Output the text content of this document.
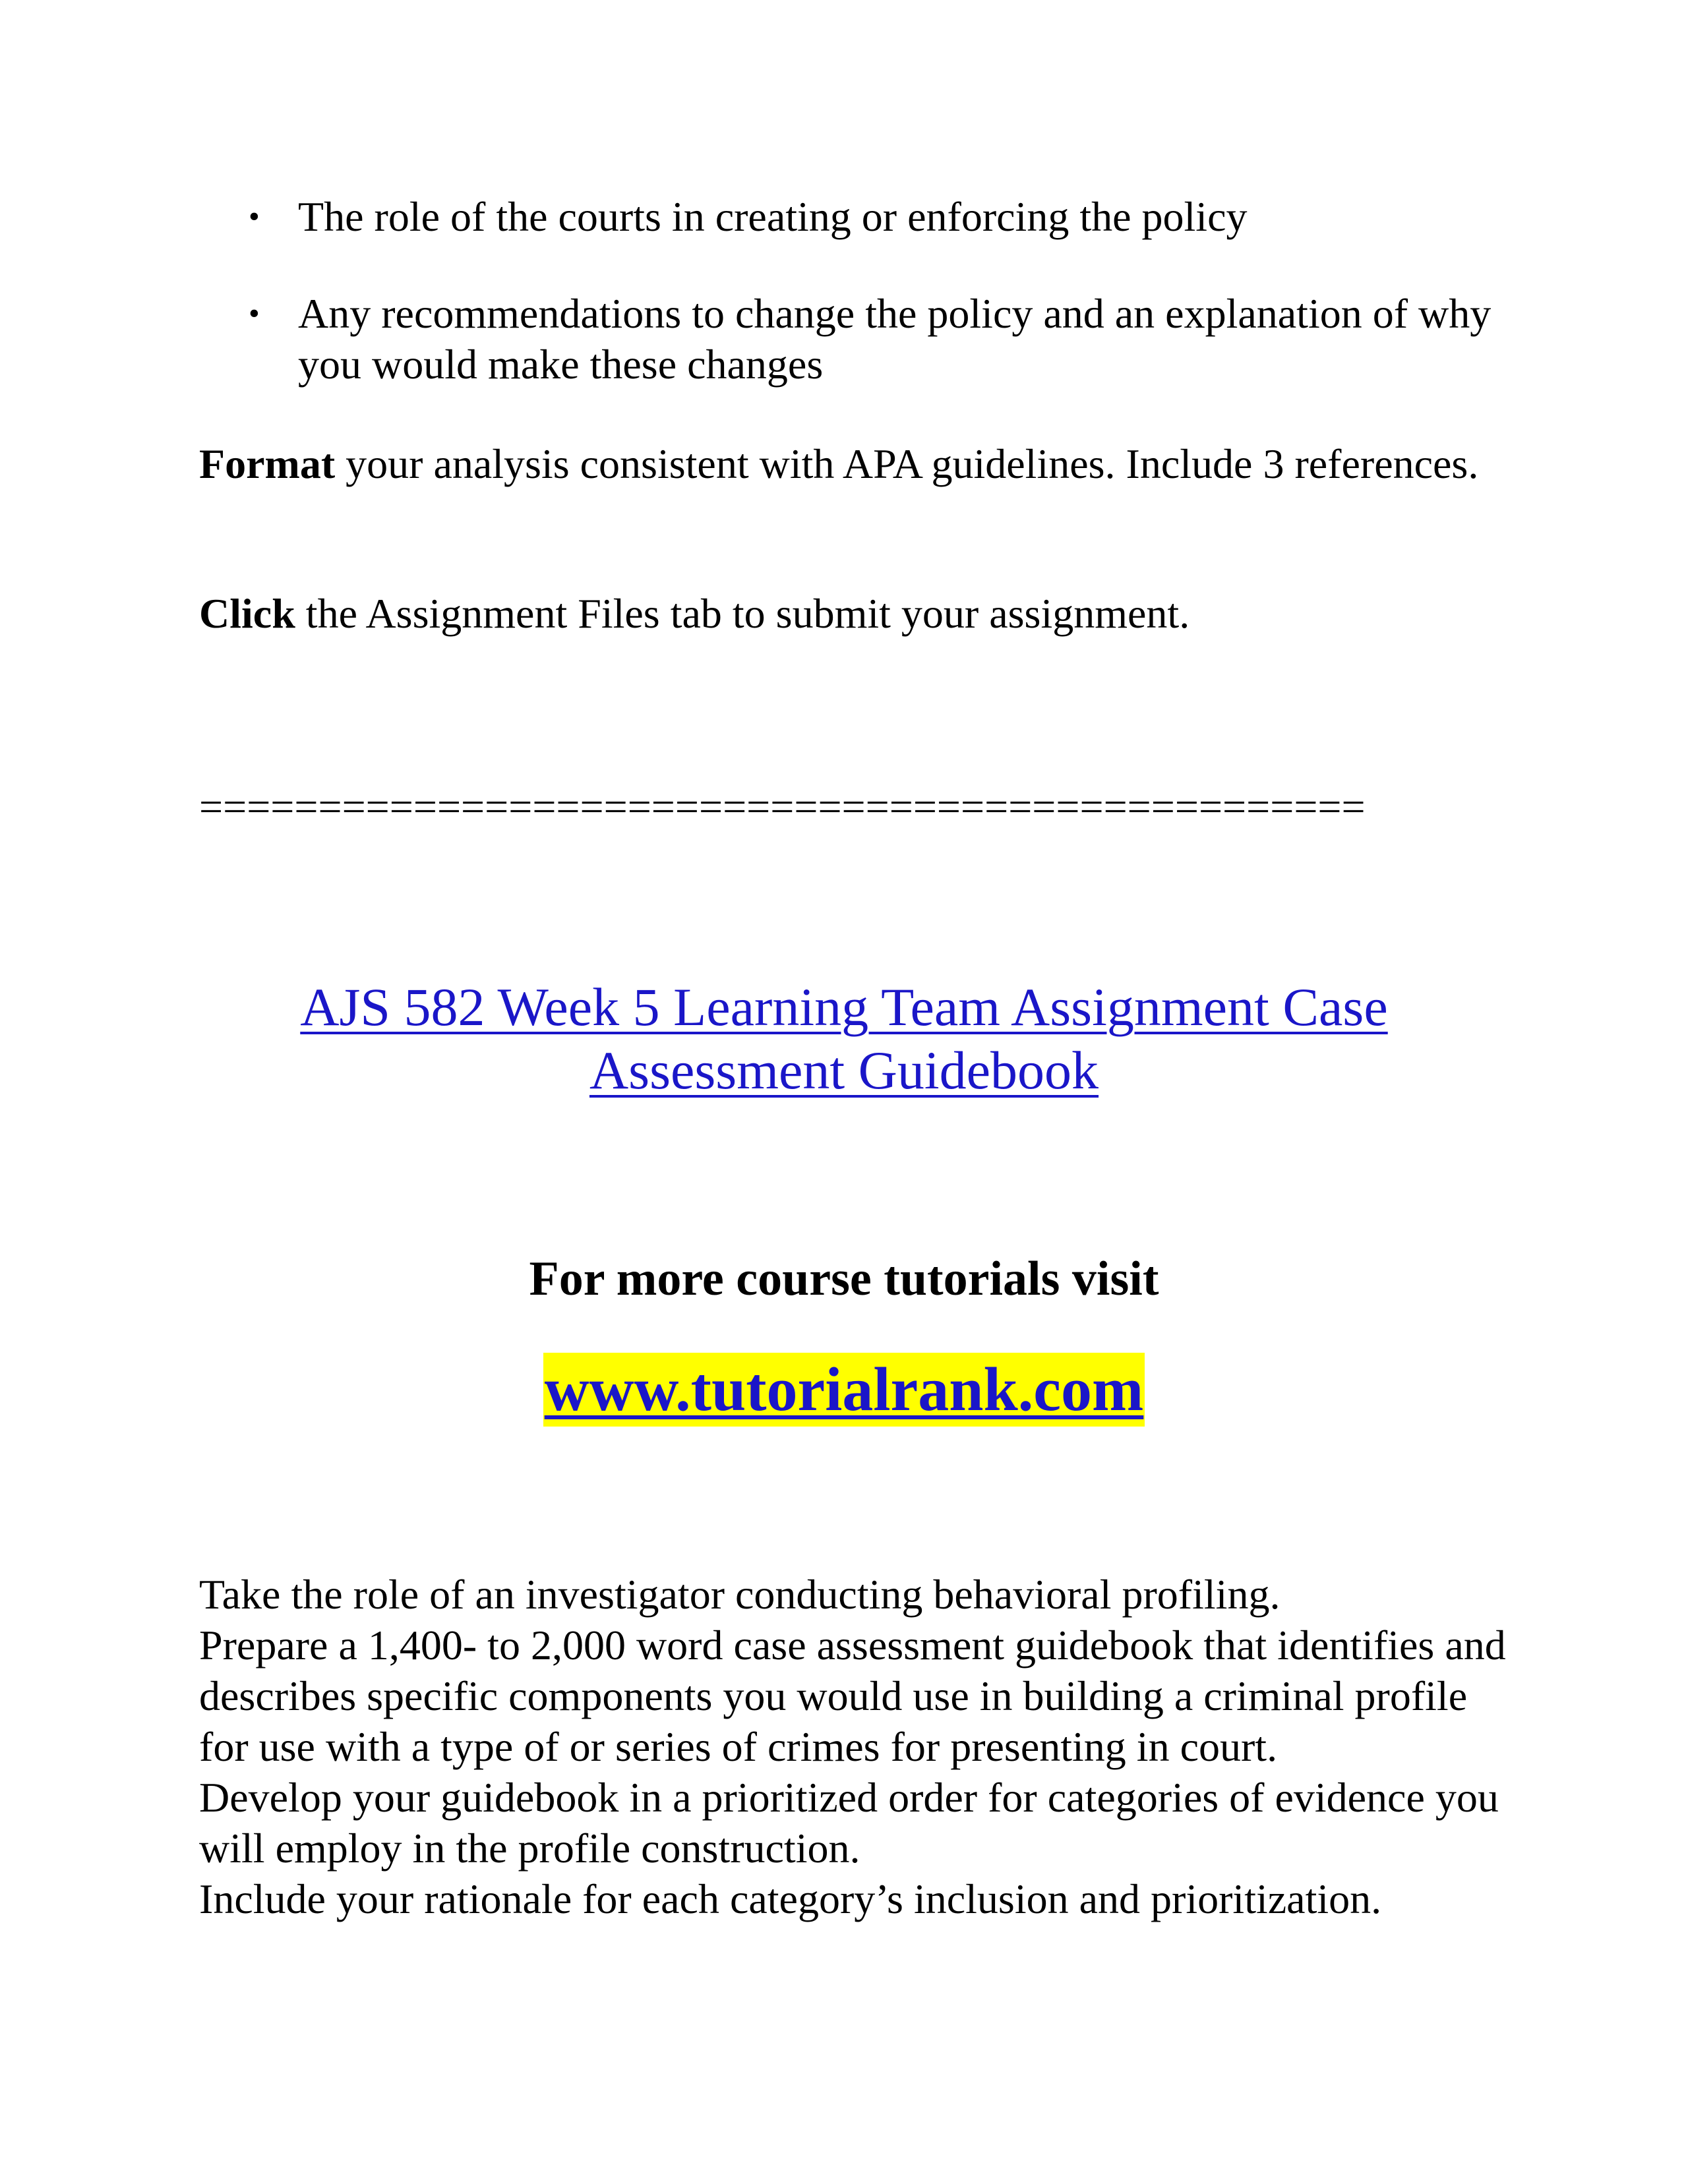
• The role of the courts in creating or enforcing the policy
• Any recommendations to change the policy and an explanation of why you would make these changes

Format your analysis consistent with APA guidelines. Include 3 references.

Click the Assignment Files tab to submit your assignment.

=================================================

AJS 582 Week 5 Learning Team Assignment Case Assessment Guidebook

For more course tutorials visit

www.tutorialrank.com

Take the role of an investigator conducting behavioral profiling.
Prepare a 1,400- to 2,000 word case assessment guidebook that identifies and describes specific components you would use in building a criminal profile for use with a type of or series of crimes for presenting in court.
Develop your guidebook in a prioritized order for categories of evidence you will employ in the profile construction.
Include your rationale for each category’s inclusion and prioritization.
